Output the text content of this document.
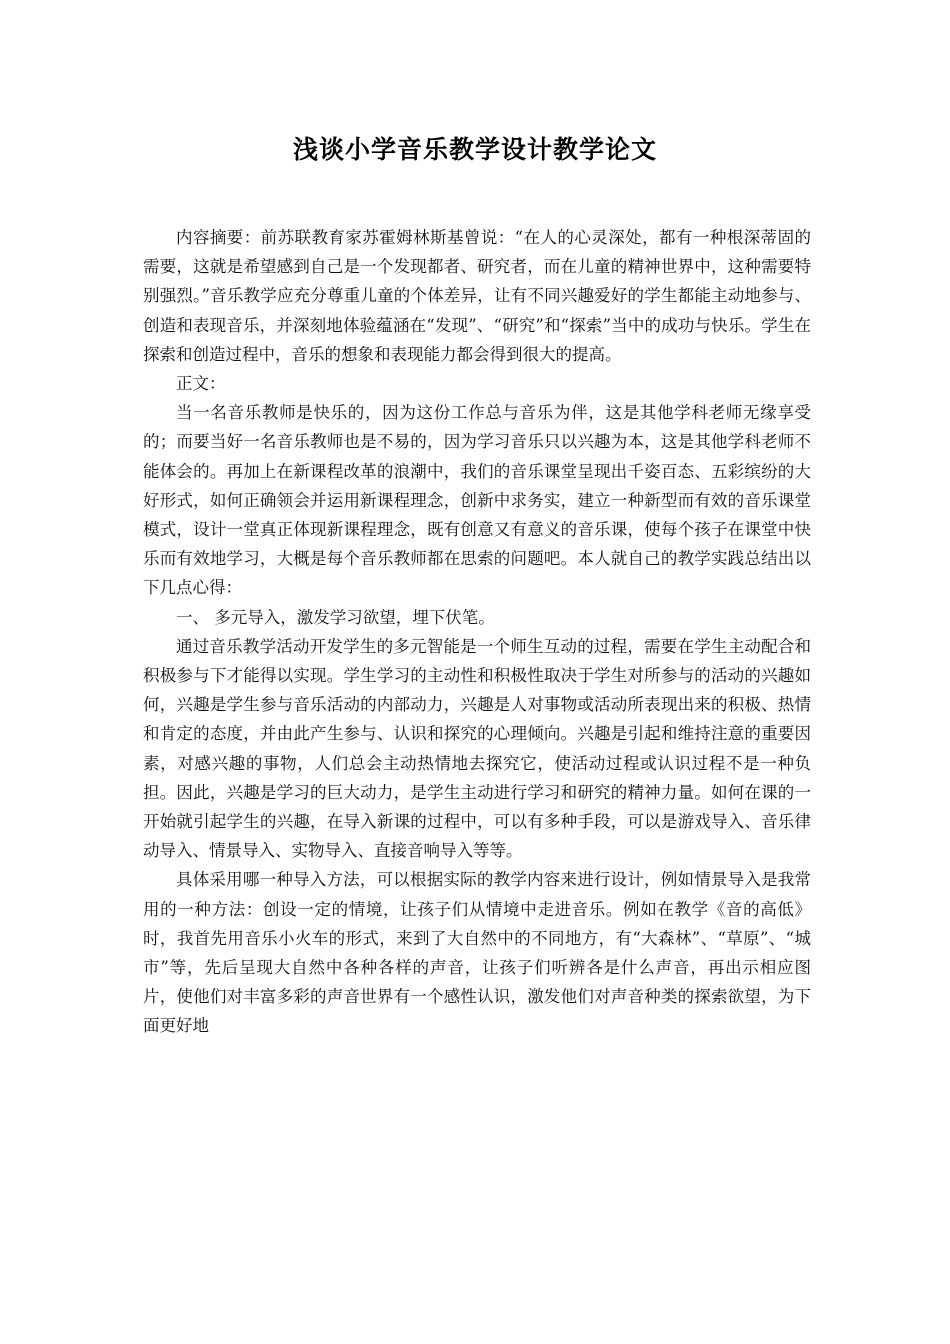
浅谈小学音乐教学设计教学论文

内容摘要：前苏联教育家苏霍姆林斯基曾说：“在人的心灵深处，都有一种根深蒂固的需要，这就是希望感到自己是一个发现都者、研究者，而在儿童的精神世界中，这种需要特别强烈。”音乐教学应充分尊重儿童的个体差异，让有不同兴趣爱好的学生都能主动地参与、创造和表现音乐，并深刻地体验蕴涵在“发现”、“研究”和“探索”当中的成功与快乐。学生在探索和创造过程中，音乐的想象和表现能力都会得到很大的提高。

正文：

当一名音乐教师是快乐的，因为这份工作总与音乐为伴，这是其他学科老师无缘享受的；而要当好一名音乐教师也是不易的，因为学习音乐只以兴趣为本，这是其他学科老师不能体会的。再加上在新课程改革的浪潮中，我们的音乐课堂呈现出千姿百态、五彩缤纷的大好形式，如何正确领会并运用新课程理念，创新中求务实，建立一种新型而有效的音乐课堂模式，设计一堂真正体现新课程理念，既有创意又有意义的音乐课，使每个孩子在课堂中快乐而有效地学习，大概是每个音乐教师都在思索的问题吧。本人就自己的教学实践总结出以下几点心得：

一、 多元导入，激发学习欲望，埋下伏笔。

通过音乐教学活动开发学生的多元智能是一个师生互动的过程，需要在学生主动配合和积极参与下才能得以实现。学生学习的主动性和积极性取决于学生对所参与的活动的兴趣如何，兴趣是学生参与音乐活动的内部动力，兴趣是人对事物或活动所表现出来的积极、热情和肯定的态度，并由此产生参与、认识和探究的心理倾向。兴趣是引起和维持注意的重要因素，对感兴趣的事物，人们总会主动热情地去探究它，使活动过程或认识过程不是一种负担。因此，兴趣是学习的巨大动力，是学生主动进行学习和研究的精神力量。如何在课的一开始就引起学生的兴趣，在导入新课的过程中，可以有多种手段，可以是游戏导入、音乐律动导入、情景导入、实物导入、直接音响导入等等。

具体采用哪一种导入方法，可以根据实际的教学内容来进行设计，例如情景导入是我常用的一种方法：创设一定的情境，让孩子们从情境中走进音乐。例如在教学《音的高低》时，我首先用音乐小火车的形式，来到了大自然中的不同地方，有“大森林”、“草原”、“城市”等，先后呈现大自然中各种各样的声音，让孩子们听辨各是什么声音，再出示相应图片，使他们对丰富多彩的声音世界有一个感性认识，激发他们对声音种类的探索欲望，为下面更好地
